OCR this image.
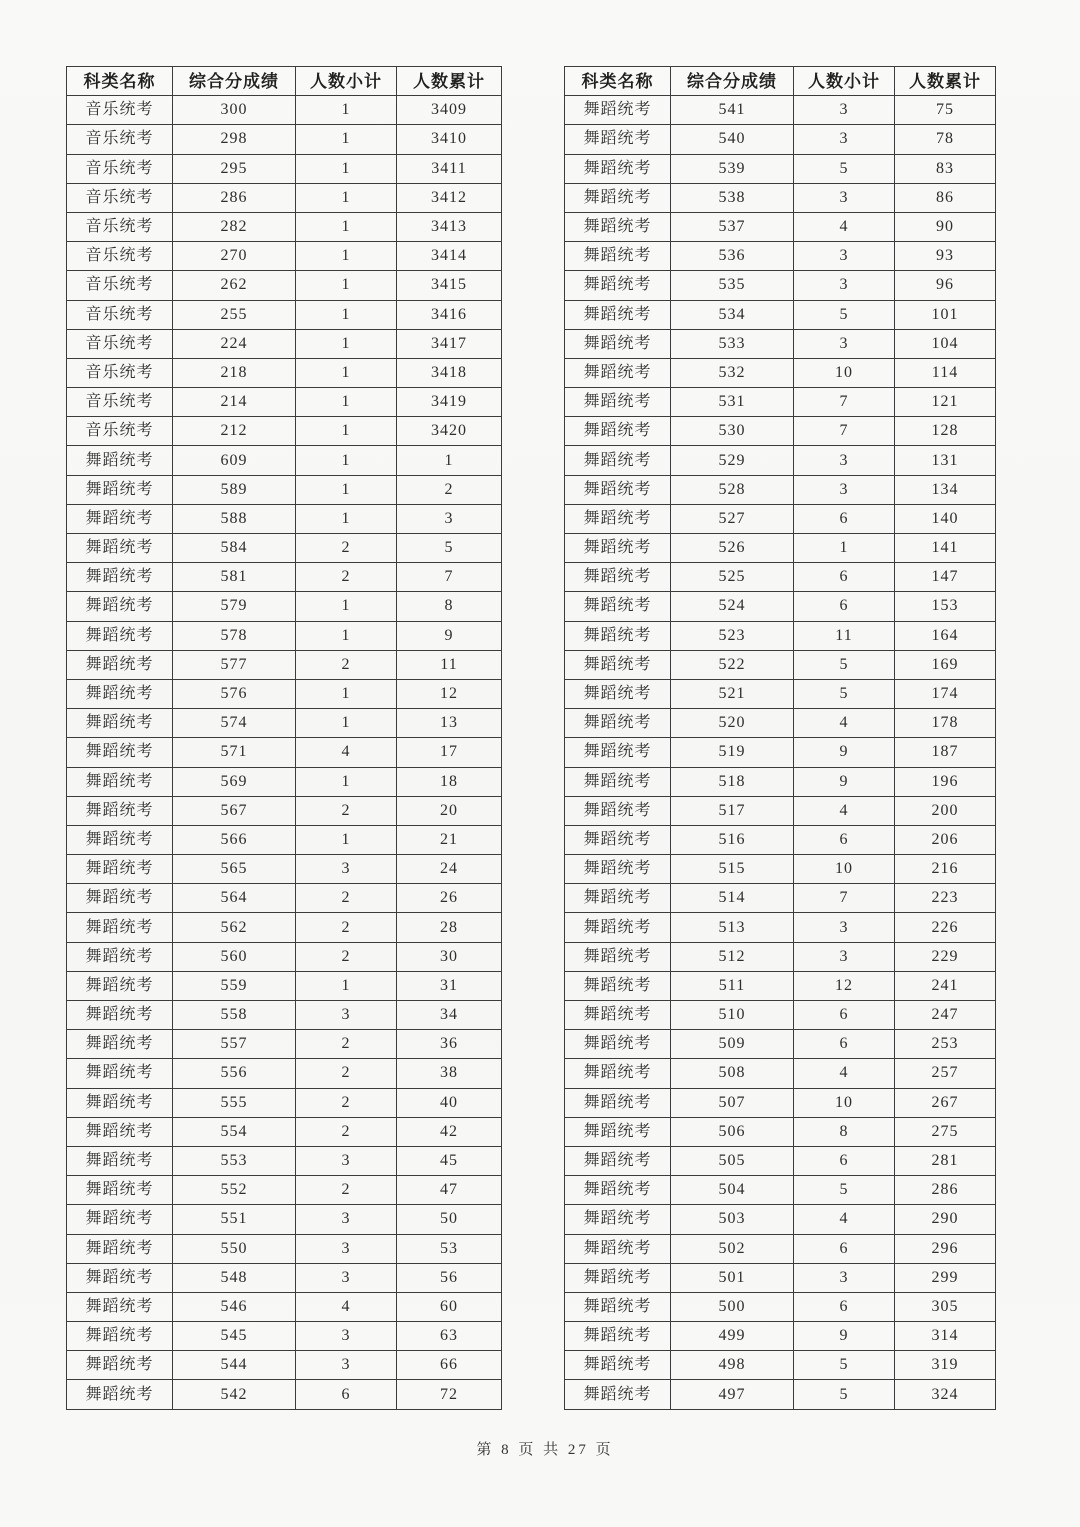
科类名称	综合分成绩	人数小计	人数累计
音乐统考	300	1	3409
音乐统考	298	1	3410
音乐统考	295	1	3411
音乐统考	286	1	3412
音乐统考	282	1	3413
音乐统考	270	1	3414
音乐统考	262	1	3415
音乐统考	255	1	3416
音乐统考	224	1	3417
音乐统考	218	1	3418
音乐统考	214	1	3419
音乐统考	212	1	3420
舞蹈统考	609	1	1
舞蹈统考	589	1	2
舞蹈统考	588	1	3
舞蹈统考	584	2	5
舞蹈统考	581	2	7
舞蹈统考	579	1	8
舞蹈统考	578	1	9
舞蹈统考	577	2	11
舞蹈统考	576	1	12
舞蹈统考	574	1	13
舞蹈统考	571	4	17
舞蹈统考	569	1	18
舞蹈统考	567	2	20
舞蹈统考	566	1	21
舞蹈统考	565	3	24
舞蹈统考	564	2	26
舞蹈统考	562	2	28
舞蹈统考	560	2	30
舞蹈统考	559	1	31
舞蹈统考	558	3	34
舞蹈统考	557	2	36
舞蹈统考	556	2	38
舞蹈统考	555	2	40
舞蹈统考	554	2	42
舞蹈统考	553	3	45
舞蹈统考	552	2	47
舞蹈统考	551	3	50
舞蹈统考	550	3	53
舞蹈统考	548	3	56
舞蹈统考	546	4	60
舞蹈统考	545	3	63
舞蹈统考	544	3	66
舞蹈统考	542	6	72
科类名称	综合分成绩	人数小计	人数累计
舞蹈统考	541	3	75
舞蹈统考	540	3	78
舞蹈统考	539	5	83
舞蹈统考	538	3	86
舞蹈统考	537	4	90
舞蹈统考	536	3	93
舞蹈统考	535	3	96
舞蹈统考	534	5	101
舞蹈统考	533	3	104
舞蹈统考	532	10	114
舞蹈统考	531	7	121
舞蹈统考	530	7	128
舞蹈统考	529	3	131
舞蹈统考	528	3	134
舞蹈统考	527	6	140
舞蹈统考	526	1	141
舞蹈统考	525	6	147
舞蹈统考	524	6	153
舞蹈统考	523	11	164
舞蹈统考	522	5	169
舞蹈统考	521	5	174
舞蹈统考	520	4	178
舞蹈统考	519	9	187
舞蹈统考	518	9	196
舞蹈统考	517	4	200
舞蹈统考	516	6	206
舞蹈统考	515	10	216
舞蹈统考	514	7	223
舞蹈统考	513	3	226
舞蹈统考	512	3	229
舞蹈统考	511	12	241
舞蹈统考	510	6	247
舞蹈统考	509	6	253
舞蹈统考	508	4	257
舞蹈统考	507	10	267
舞蹈统考	506	8	275
舞蹈统考	505	6	281
舞蹈统考	504	5	286
舞蹈统考	503	4	290
舞蹈统考	502	6	296
舞蹈统考	501	3	299
舞蹈统考	500	6	305
舞蹈统考	499	9	314
舞蹈统考	498	5	319
舞蹈统考	497	5	324
第 8 页 共 27 页
